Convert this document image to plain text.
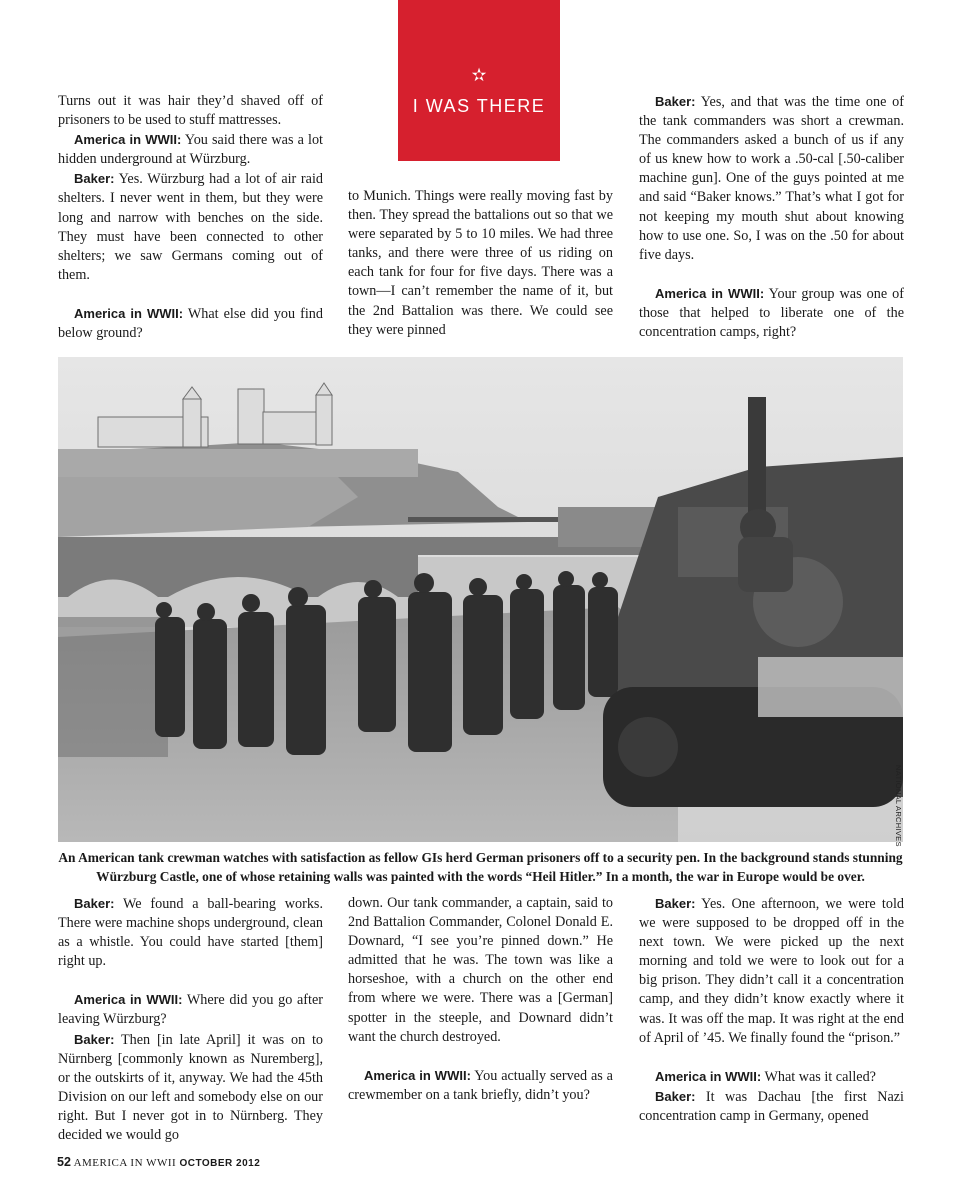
Turns out it was hair they’d shaved off of prisoners to be used to stuff mattresses.

America in WWII: You said there was a lot hidden underground at Würzburg.

Baker: Yes. Würzburg had a lot of air raid shelters. I never went in them, but they were long and narrow with benches on the side. They must have been connected to other shelters; we saw Germans coming out of them.

America in WWII: What else did you find below ground?

✫
I WAS THERE

to Munich. Things were really moving fast by then. They spread the battalions out so that we were separated by 5 to 10 miles. We had three tanks, and there were three of us riding on each tank for four for five days. There was a town—I can’t remember the name of it, but the 2nd Battalion was there. We could see they were pinned

Baker: Yes, and that was the time one of the tank commanders was short a crewman. The commanders asked a bunch of us if any of us knew how to work a .50-cal [.50-caliber machine gun]. One of the guys pointed at me and said “Baker knows.” That’s what I got for not keeping my mouth shut about knowing how to use one. So, I was on the .50 for about five days.

America in WWII: Your group was one of those that helped to liberate one of the concentration camps, right?

NATIONAL ARCHIVES
An American tank crewman watches with satisfaction as fellow GIs herd German prisoners off to a security pen. In the background stands stunning Würzburg Castle, one of whose retaining walls was painted with the words “Heil Hitler.” In a month, the war in Europe would be over.

Baker: We found a ball-bearing works. There were machine shops underground, clean as a whistle. You could have started [them] right up.

America in WWII: Where did you go after leaving Würzburg?

Baker: Then [in late April] it was on to Nürnberg [commonly known as Nuremberg], or the outskirts of it, anyway. We had the 45th Division on our left and somebody else on our right. But I never got in to Nürnberg. They decided we would go

down. Our tank commander, a captain, said to 2nd Battalion Commander, Colonel Donald E. Downard, “I see you’re pinned down.” He admitted that he was. The town was like a horseshoe, with a church on the other end from where we were. There was a [German] spotter in the steeple, and Downard didn’t want the church destroyed.

America in WWII: You actually served as a crewmember on a tank briefly, didn’t you?

Baker: Yes. One afternoon, we were told we were supposed to be dropped off in the next town. We were picked up the next morning and told we were to look out for a big prison. They didn’t call it a concentration camp, and they didn’t know exactly where it was. It was off the map. It was right at the end of April of ’45. We finally found the “prison.”

America in WWII: What was it called?

Baker: It was Dachau [the first Nazi concentration camp in Germany, opened

52 AMERICA IN WWII OCTOBER 2012
